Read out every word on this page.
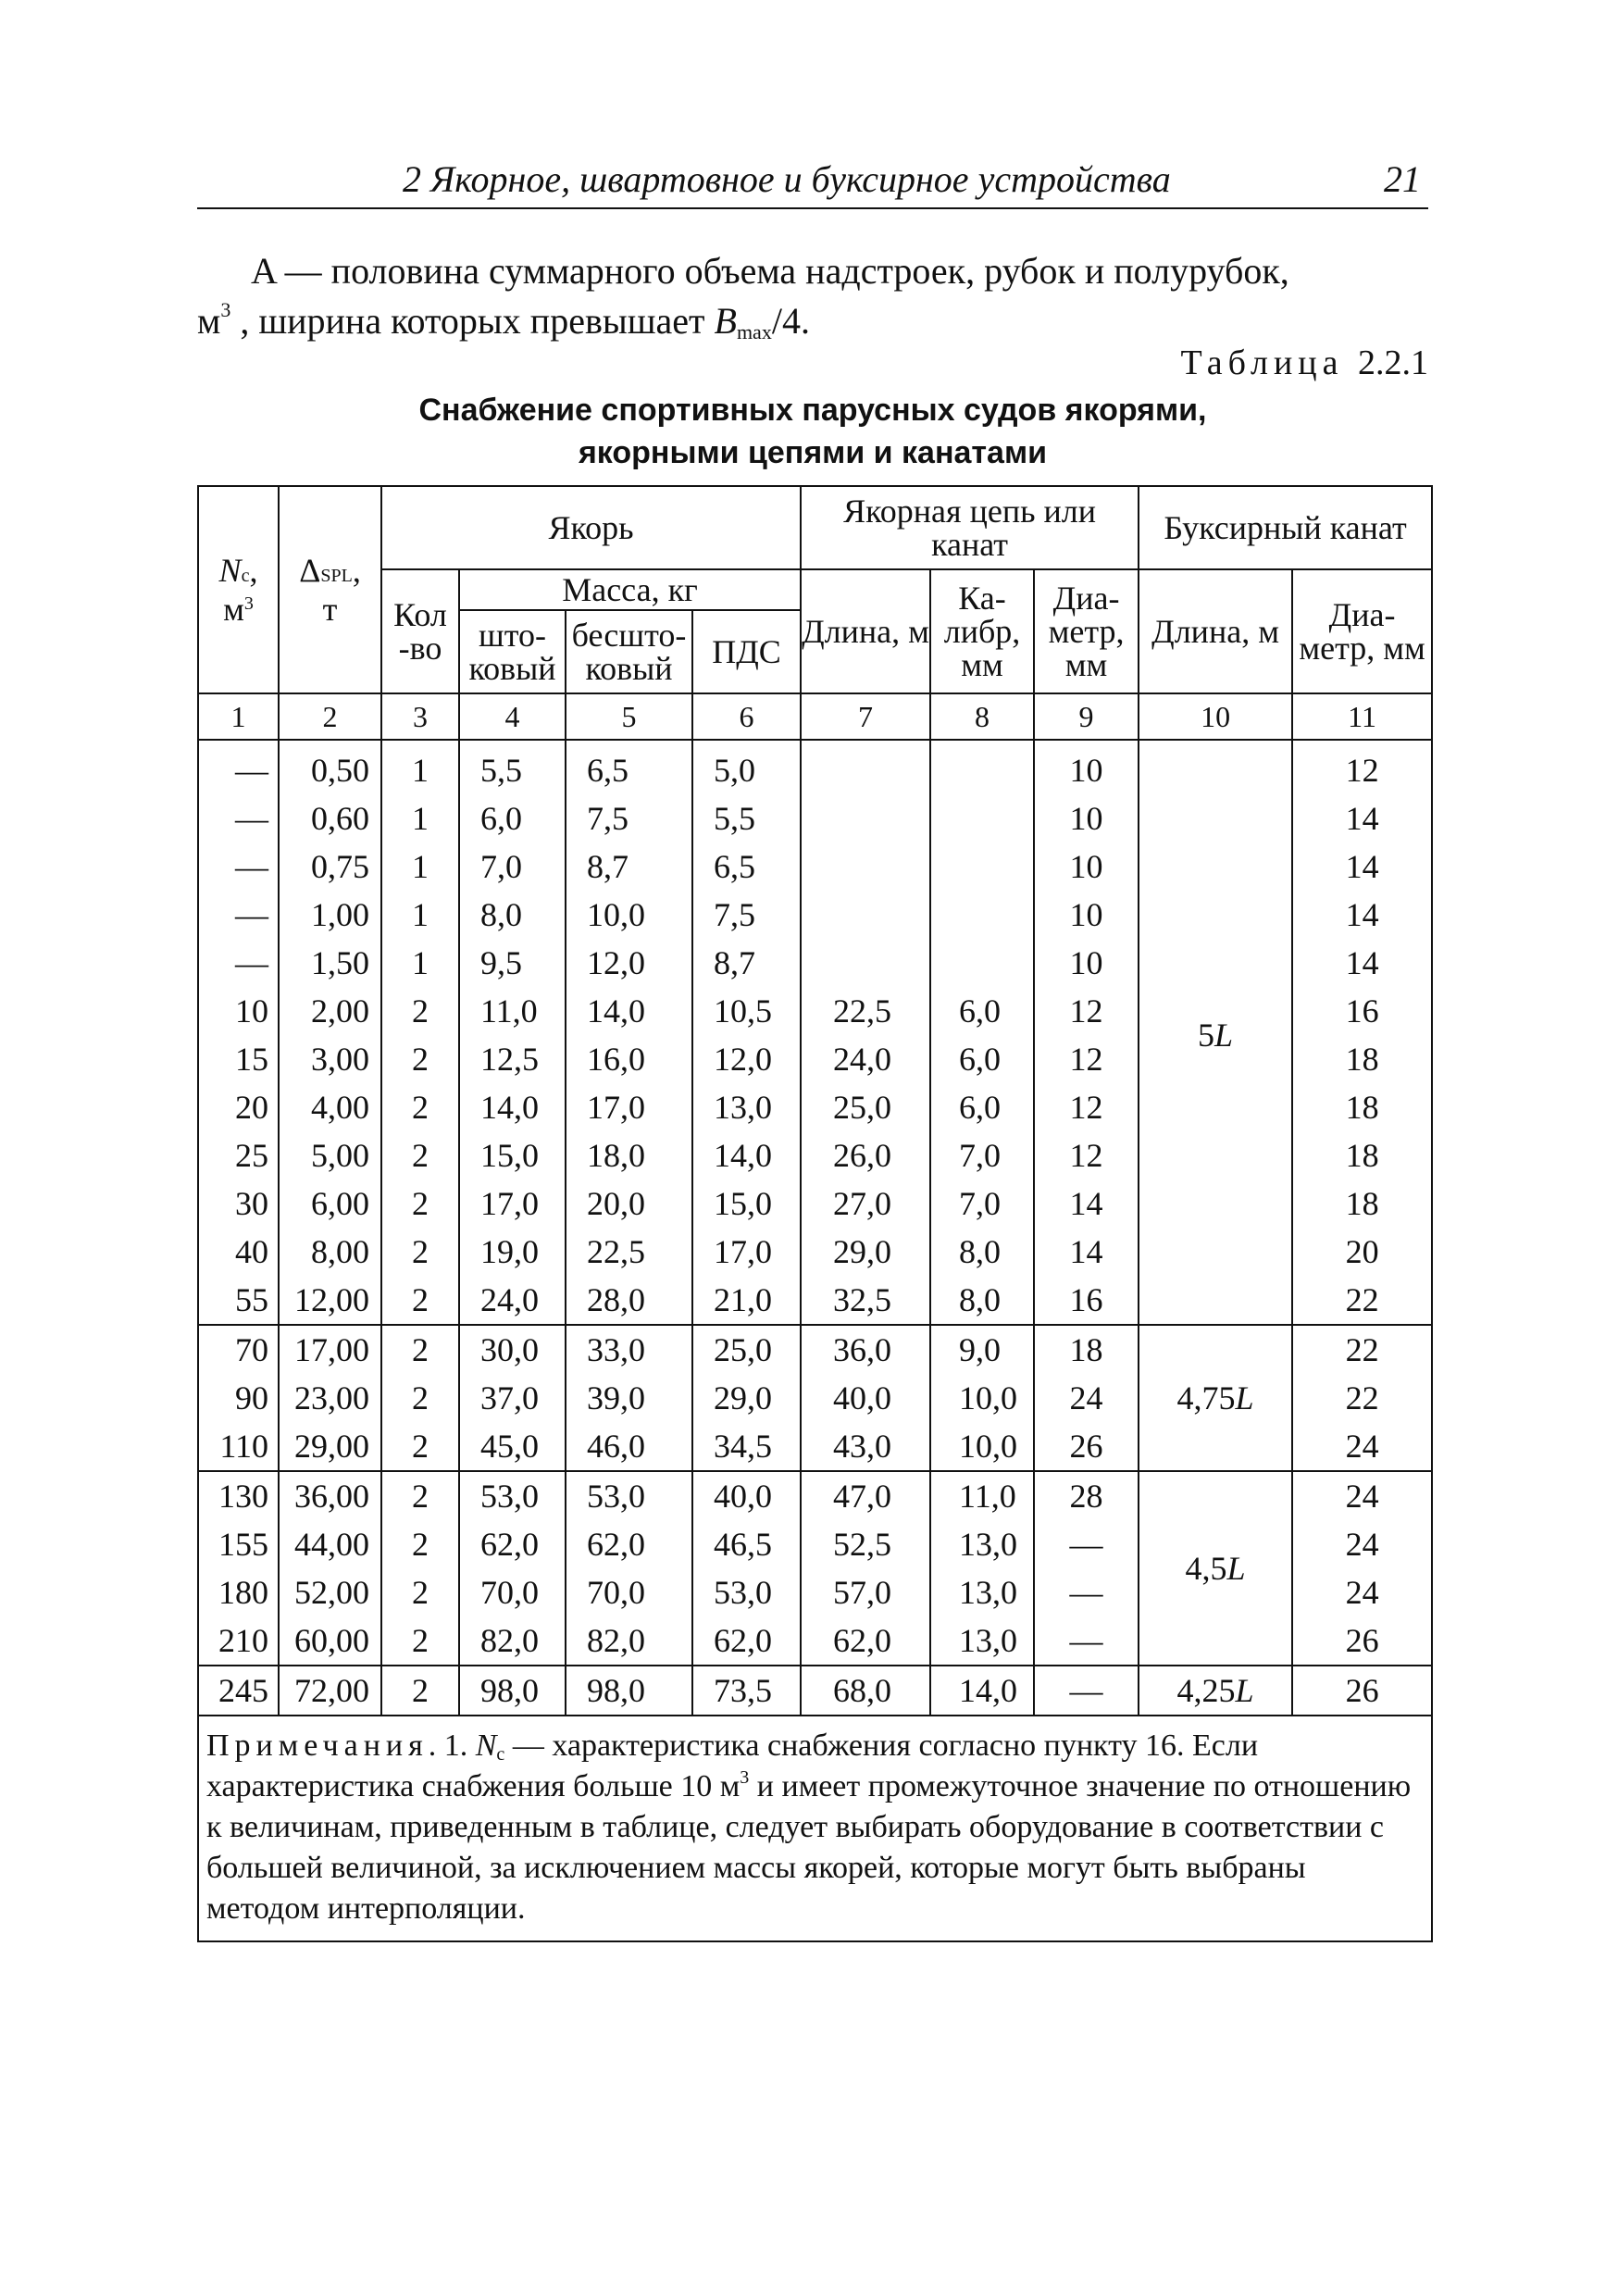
2 Якорное, швартовное и буксирное устройства	21
A — половина суммарного объема надстроек, рубок и полурубок,
$м^3$ , ширина которых превышает $B_{max}/4$.
Таблица 2.2.1
Снабжение спортивных парусных судов якорями,
якорными цепями и канатами
Nc,
$м^3$	ΔSPL,
т	Якорь				Якорная цепь или канат			Буксирный канат	
		Кол -во	Масса, кг			Длина, м	Ка- либр, мм	Диа- метр, мм	Длина, м	Диа- метр, мм
			што- ковый	бесшто- ковый	ПДС					
1	2	3	4	5	6	7	8	9	10	11
—	0,50	1	5,5	6,5	5,0			10	5L	12
—	0,60	1	6,0	7,5	5,5			10		14
—	0,75	1	7,0	8,7	6,5			10		14
—	1,00	1	8,0	10,0	7,5			10		14
—	1,50	1	9,5	12,0	8,7			10		14
10	2,00	2	11,0	14,0	10,5	22,5	6,0	12		16
15	3,00	2	12,5	16,0	12,0	24,0	6,0	12		18
20	4,00	2	14,0	17,0	13,0	25,0	6,0	12		18
25	5,00	2	15,0	18,0	14,0	26,0	7,0	12		18
30	6,00	2	17,0	20,0	15,0	27,0	7,0	14		18
40	8,00	2	19,0	22,5	17,0	29,0	8,0	14		20
55	12,00	2	24,0	28,0	21,0	32,5	8,0	16		22
70	17,00	2	30,0	33,0	25,0	36,0	9,0	18	4,75L	22
90	23,00	2	37,0	39,0	29,0	40,0	10,0	24		22
110	29,00	2	45,0	46,0	34,5	43,0	10,0	26		24
130	36,00	2	53,0	53,0	40,0	47,0	11,0	28	4,5L	24
155	44,00	2	62,0	62,0	46,5	52,5	13,0	—		24
180	52,00	2	70,0	70,0	53,0	57,0	13,0	—		24
210	60,00	2	82,0	82,0	62,0	62,0	13,0	—		26
245	72,00	2	98,0	98,0	73,5	68,0	14,0	—	4,25L	26
Примечания. 1. $N_с$ — характеристика снабжения согласно пункту 16. Если характеристика снабжения больше 10 $м^3$ и имеет промежуточное значение по отношению к величинам, приведенным в таблице, следует выбирать оборудование в соответствии с большей величиной, за исключением массы якорей, которые могут быть выбраны методом интерполяции.										
